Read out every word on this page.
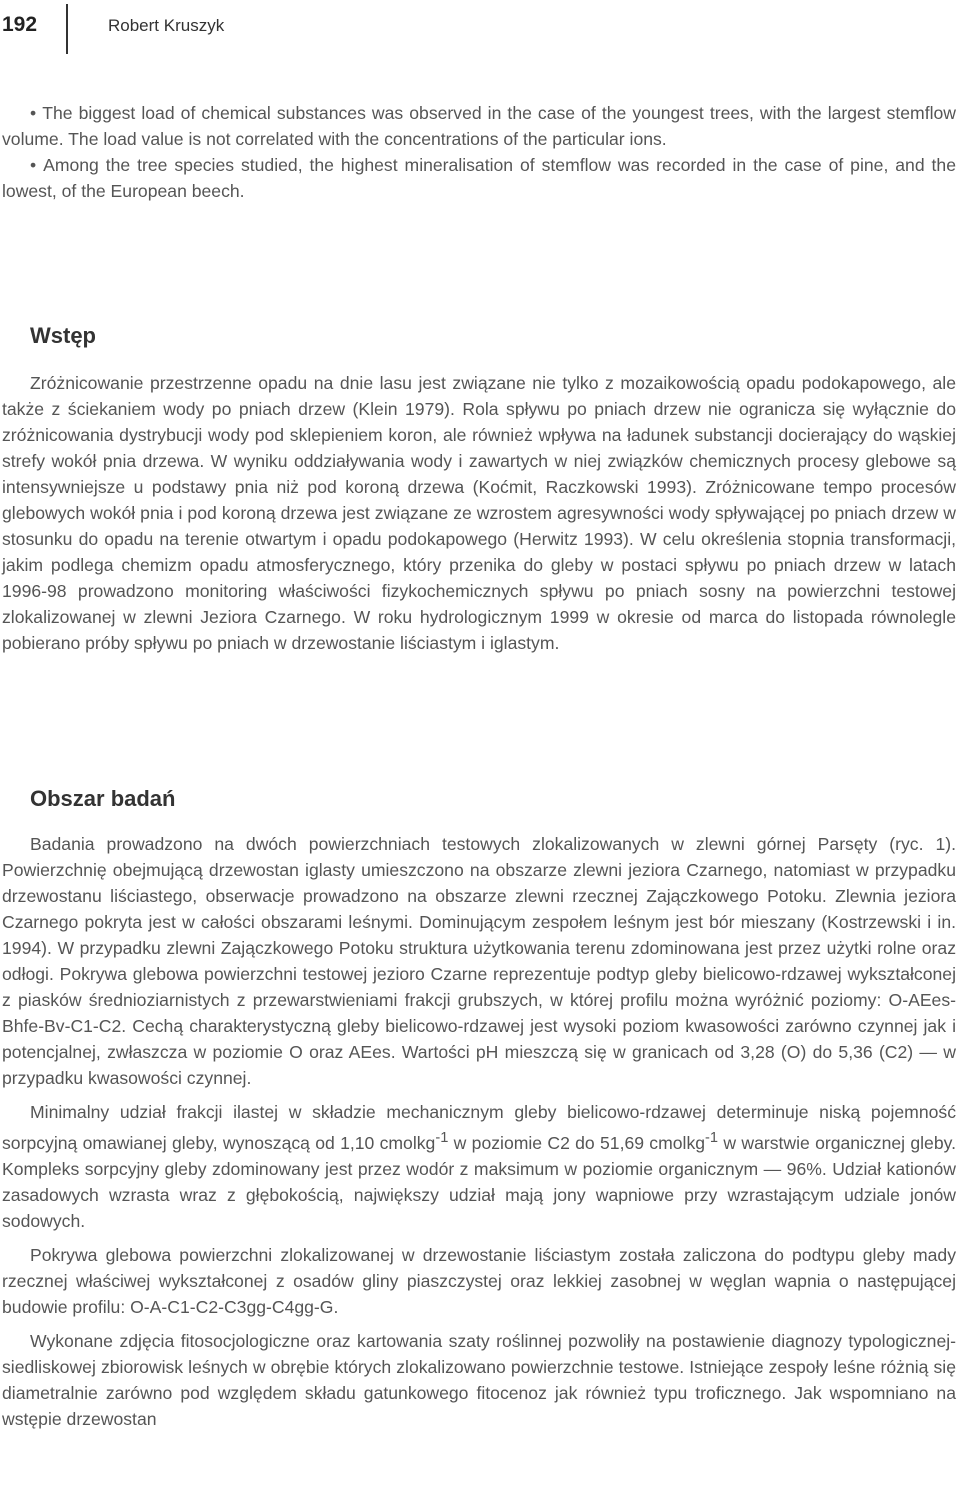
192	Robert Kruszyk

• The biggest load of chemical substances was observed in the case of the youngest trees, with the largest stemflow volume. The load value is not correlated with the concentrations of the particular ions.

• Among the tree species studied, the highest mineralisation of stemflow was recorded in the case of pine, and the lowest, of the European beech.

Wstęp

Zróżnicowanie przestrzenne opadu na dnie lasu jest związane nie tylko z mozaikowością opadu podokapowego, ale także z ściekaniem wody po pniach drzew (Klein 1979). Rola spływu po pniach drzew nie ogranicza się wyłącznie do zróżnicowania dystrybucji wody pod sklepieniem koron, ale również wpływa na ładunek substancji docierający do wąskiej strefy wokół pnia drzewa. W wyniku oddziaływania wody i zawartych w niej związków chemicznych procesy glebowe są intensywniejsze u podstawy pnia niż pod koroną drzewa (Koćmit, Raczkowski 1993). Zróżnicowane tempo procesów glebowych wokół pnia i pod koroną drzewa jest związane ze wzrostem agresywności wody spływającej po pniach drzew w stosunku do opadu na terenie otwartym i opadu podokapowego (Herwitz 1993). W celu określenia stopnia transformacji, jakim podlega chemizm opadu atmosferycznego, który przenika do gleby w postaci spływu po pniach drzew w latach 1996-98 prowadzono monitoring właściwości fizykochemicznych spływu po pniach sosny na powierzchni testowej zlokalizowanej w zlewni Jeziora Czarnego. W roku hydrologicznym 1999 w okresie od marca do listopada równolegle pobierano próby spływu po pniach w drzewostanie liściastym i iglastym.

Obszar badań

Badania prowadzono na dwóch powierzchniach testowych zlokalizowanych w zlewni górnej Parsęty (ryc. 1). Powierzchnię obejmującą drzewostan iglasty umieszczono na obszarze zlewni jeziora Czarnego, natomiast w przypadku drzewostanu liściastego, obserwacje prowadzono na obszarze zlewni rzecznej Zajączkowego Potoku. Zlewnia jeziora Czarnego pokryta jest w całości obszarami leśnymi. Dominującym zespołem leśnym jest bór mieszany (Kostrzewski i in. 1994). W przypadku zlewni Zajączkowego Potoku struktura użytkowania terenu zdominowana jest przez użytki rolne oraz odłogi. Pokrywa glebowa powierzchni testowej jezioro Czarne reprezentuje podtyp gleby bielicowo-rdzawej wykształconej z piasków średnioziarnistych z przewarstwieniami frakcji grubszych, w której profilu można wyróżnić poziomy: O-AEes-Bhfe-Bv-C1-C2. Cechą charakterystyczną gleby bielicowo-rdzawej jest wysoki poziom kwasowości zarówno czynnej jak i potencjalnej, zwłaszcza w poziomie O oraz AEes. Wartości pH mieszczą się w granicach od 3,28 (O) do 5,36 (C2) — w przypadku kwasowości czynnej.

Minimalny udział frakcji ilastej w składzie mechanicznym gleby bielicowo-rdzawej determinuje niską pojemność sorpcyjną omawianej gleby, wynoszącą od 1,10 cmolkg$^{-1}$ w poziomie C2 do 51,69 cmolkg$^{-1}$ w warstwie organicznej gleby. Kompleks sorpcyjny gleby zdominowany jest przez wodór z maksimum w poziomie organicznym — 96%. Udział kationów zasadowych wzrasta wraz z głębokością, największy udział mają jony wapniowe przy wzrastającym udziale jonów sodowych.

Pokrywa glebowa powierzchni zlokalizowanej w drzewostanie liściastym została zaliczona do podtypu gleby mady rzecznej właściwej wykształconej z osadów gliny piaszczystej oraz lekkiej zasobnej w węglan wapnia o następującej budowie profilu: O-A-C1-C2-C3gg-C4gg-G.

Wykonane zdjęcia fitosocjologiczne oraz kartowania szaty roślinnej pozwoliły na postawienie diagnozy typologicznej-siedliskowej zbiorowisk leśnych w obrębie których zlokalizowano powierzchnie testowe. Istniejące zespoły leśne różnią się diametralnie zarówno pod względem składu gatunkowego fitocenoz jak również typu troficznego. Jak wspomniano na wstępie drzewostan
